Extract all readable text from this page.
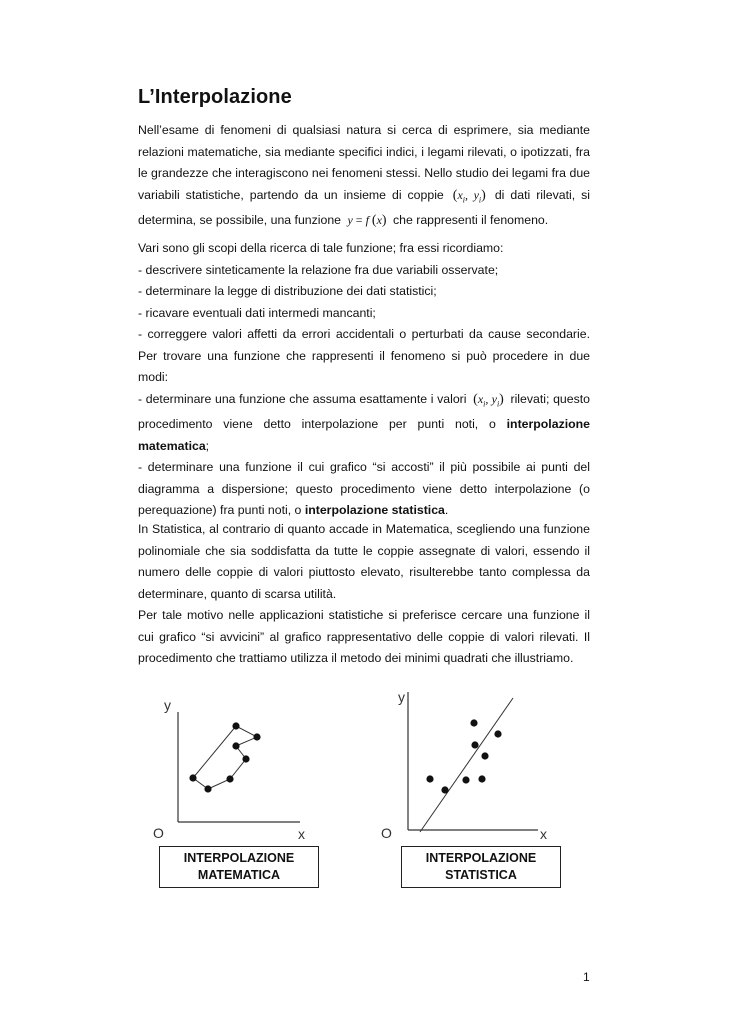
L’Interpolazione

Nell’esame di fenomeni di qualsiasi natura si cerca di esprimere, sia mediante relazioni matematiche, sia mediante specifici indici, i legami rilevati, o ipotizzati, fra le grandezze che interagiscono nei fenomeni stessi. Nello studio dei legami fra due variabili statistiche, partendo da un insieme di coppie ($x_i$, $y_i$) di dati rilevati, si determina, se possibile, una funzione y = f (x) che rappresenti il fenomeno.

Vari sono gli scopi della ricerca di tale funzione; fra essi ricordiamo:

- descrivere sinteticamente la relazione fra due variabili osservate;

- determinare la legge di distribuzione dei dati statistici;

- ricavare eventuali dati intermedi mancanti;

- correggere valori affetti da errori accidentali o perturbati da cause secondarie. Per trovare una funzione che rappresenti il fenomeno si può procedere in due modi:

- determinare una funzione che assuma esattamente i valori ($x_i$, $y_i$) rilevati; questo procedimento viene detto interpolazione per punti noti, o interpolazione matematica;

- determinare una funzione il cui grafico “si accosti” il più possibile ai punti del diagramma a dispersione; questo procedimento viene detto interpolazione (o perequazione) fra punti noti, o interpolazione statistica.

In Statistica, al contrario di quanto accade in Matematica, scegliendo una funzione polinomiale che sia soddisfatta da tutte le coppie assegnate di valori, essendo il numero delle coppie di valori piuttosto elevato, risulterebbe tanto complessa da determinare, quanto di scarsa utilità.

Per tale motivo nelle applicazioni statistiche si preferisce cercare una funzione il cui grafico “si avvicini” al grafico rappresentativo delle coppie di valori rilevati. Il procedimento che trattiamo utilizza il metodo dei minimi quadrati che illustriamo.

y
x
O
y
x
O
INTERPOLAZIONE
MATEMATICA
INTERPOLAZIONE
STATISTICA
1
